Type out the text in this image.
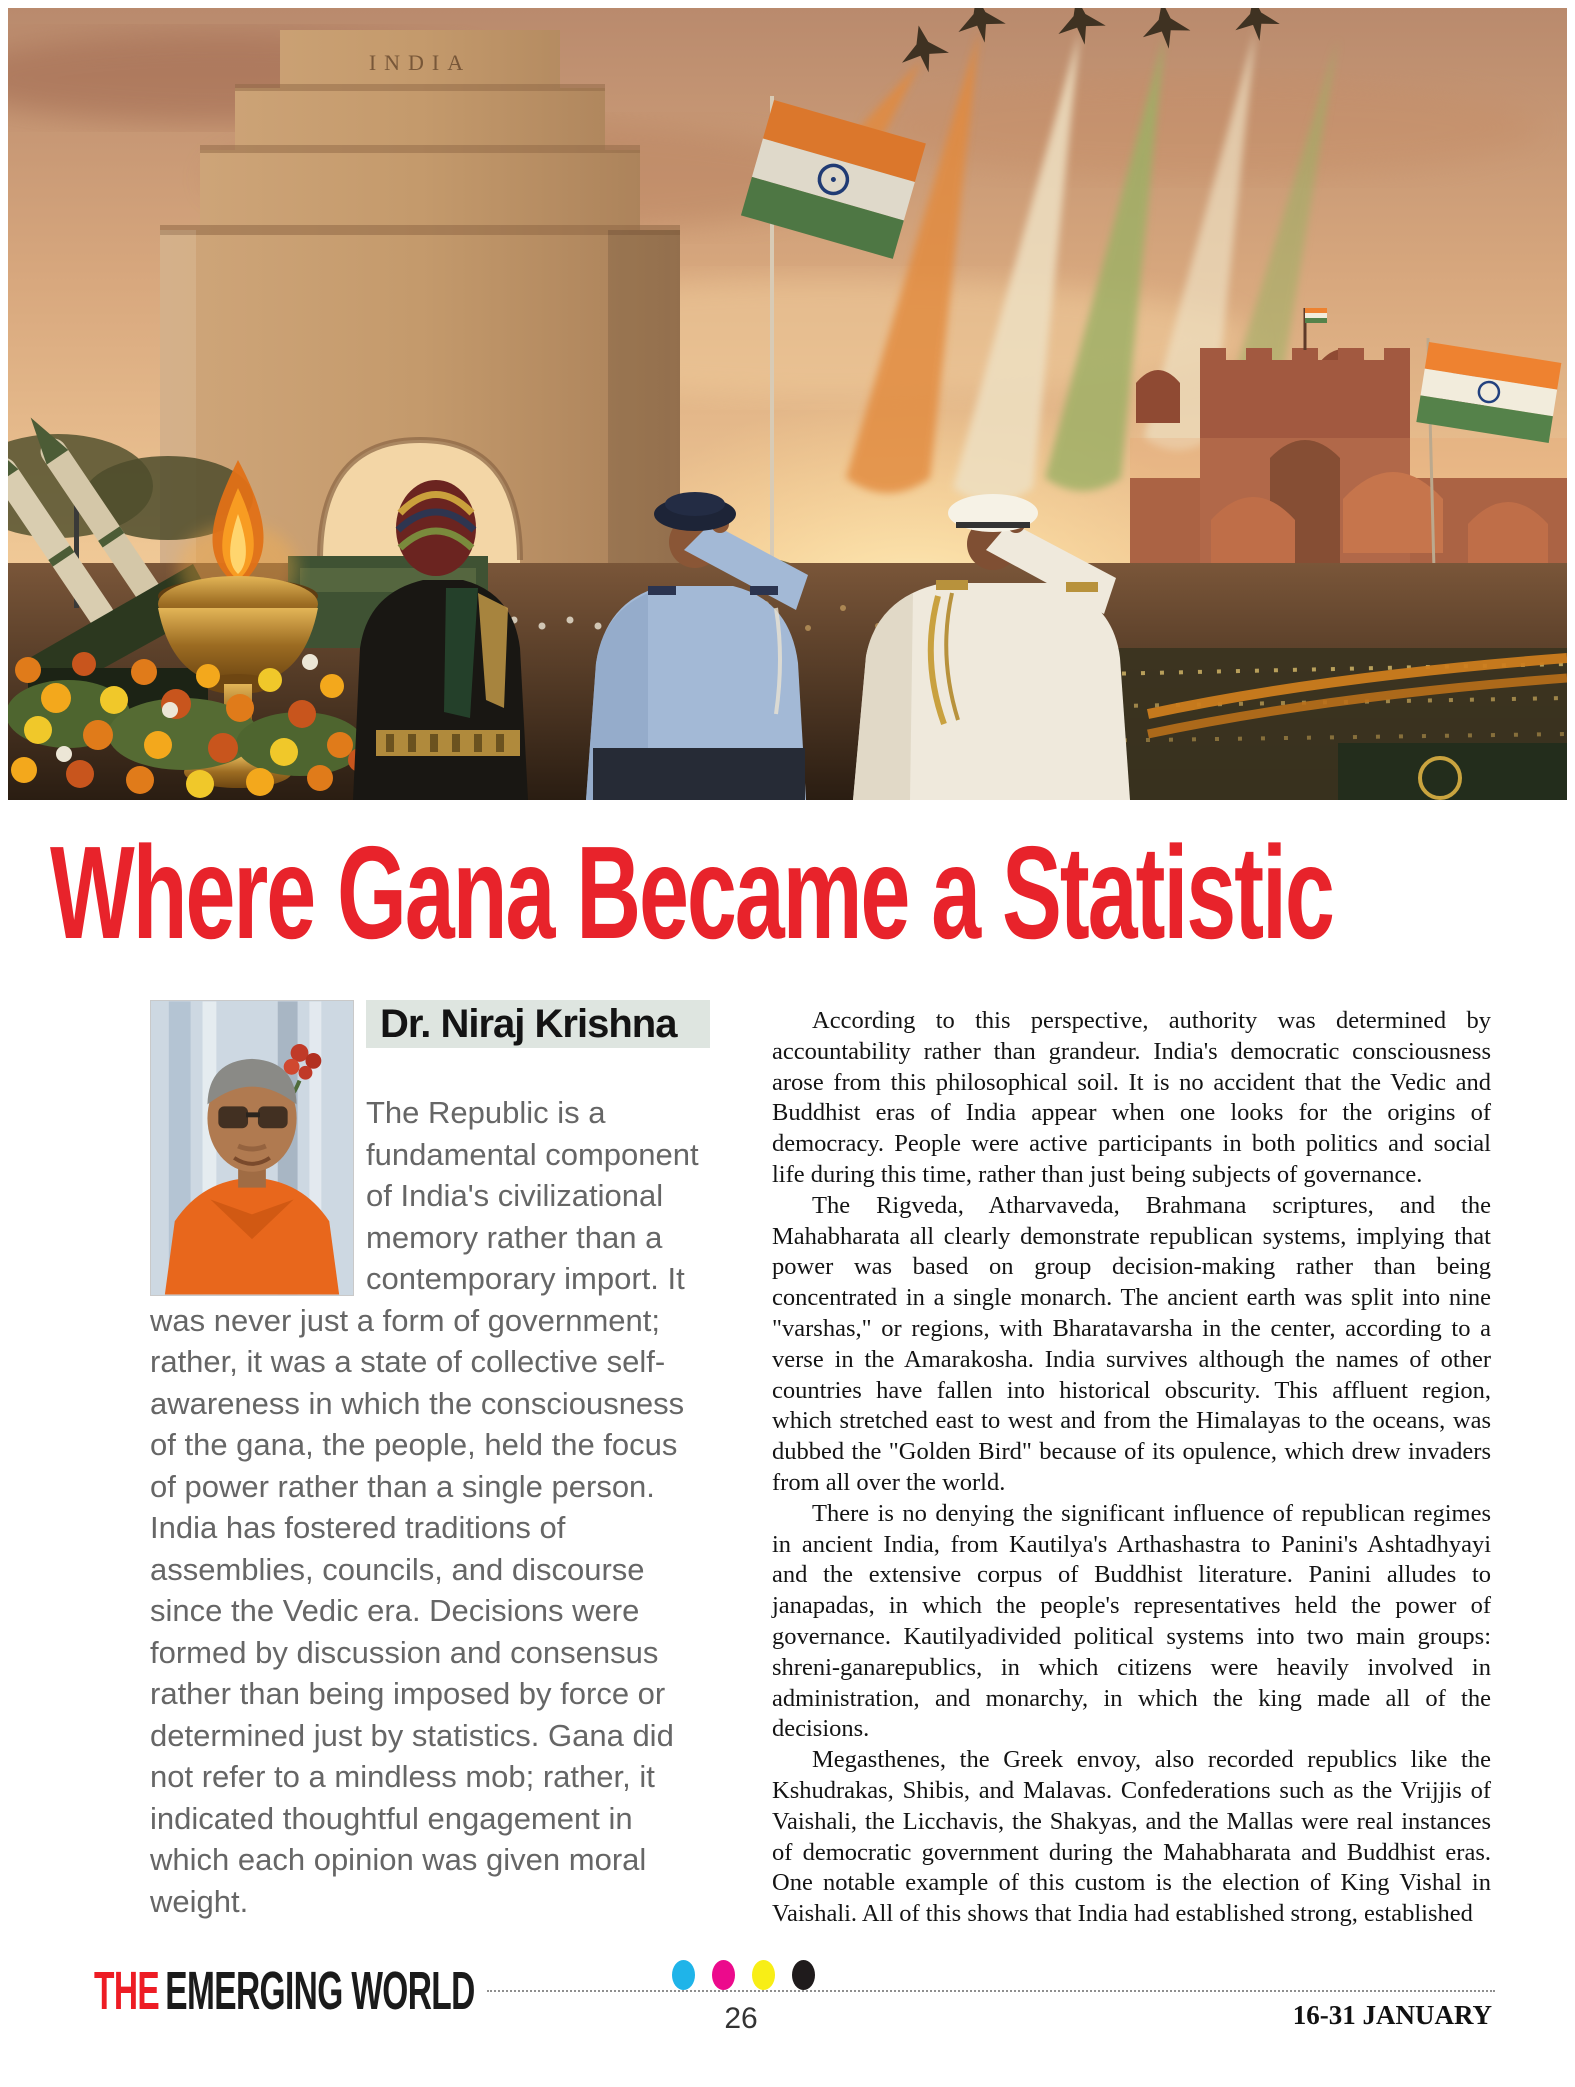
INDIA
Where Gana Became a Statistic
Dr. Niraj Krishna

The Republic is a fundamental component of India's civilizational memory rather than a contemporary import. It was never just a form of government; rather, it was a state of collective self-awareness in which the consciousness of the gana, the people, held the focus of power rather than a single person. India has fostered traditions of assemblies, councils, and discourse since the Vedic era. Decisions were formed by discussion and consensus rather than being imposed by force or determined just by statistics. Gana did not refer to a mindless mob; rather, it indicated thoughtful engagement in which each opinion was given moral weight.

According to this perspective, authority was determined by accountability rather than grandeur. India's democratic consciousness arose from this philosophical soil. It is no accident that the Vedic and Buddhist eras of India appear when one looks for the origins of democracy. People were active participants in both politics and social life during this time, rather than just being subjects of governance.

The Rigveda, Atharvaveda, Brahmana scriptures, and the Mahabharata all clearly demonstrate republican systems, implying that power was based on group decision-making rather than being concentrated in a single monarch. The ancient earth was split into nine "varshas," or regions, with Bharatavarsha in the center, according to a verse in the Amarakosha. India survives although the names of other countries have fallen into historical obscurity. This affluent region, which stretched east to west and from the Himalayas to the oceans, was dubbed the "Golden Bird" because of its opulence, which drew invaders from all over the world.

There is no denying the significant influence of republican regimes in ancient India, from Kautilya's Arthashastra to Panini's Ashtadhyayi and the extensive corpus of Buddhist literature. Panini alludes to janapadas, in which the people's representatives held the power of governance. Kautilyadivided political systems into two main groups: shreni-ganarepublics, in which citizens were heavily involved in administration, and monarchy, in which the king made all of the decisions.

Megasthenes, the Greek envoy, also recorded republics like the Kshudrakas, Shibis, and Malavas. Confederations such as the Vrijjis of Vaishali, the Licchavis, the Shakyas, and the Mallas were real instances of democratic government during the Mahabharata and Buddhist eras. One notable example of this custom is the election of King Vishal in Vaishali. All of this shows that India had established strong, established

THE EMERGING WORLD	26	16-31 JANUARY
